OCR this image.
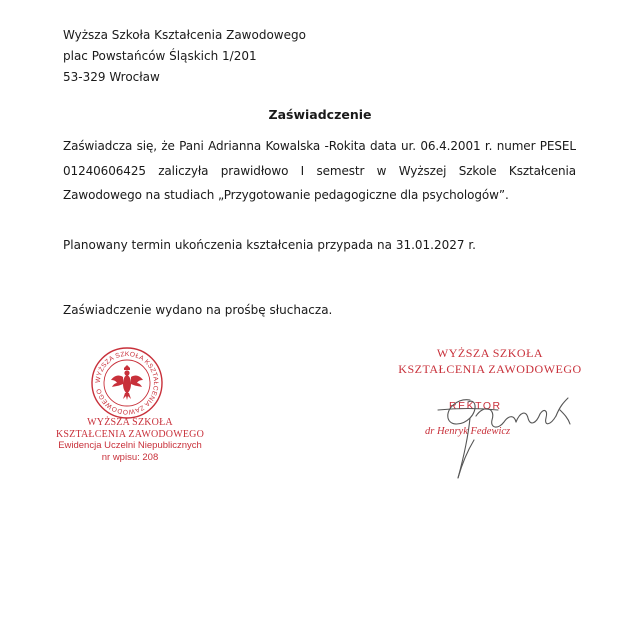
Wyższa Szkoła Kształcenia Zawodowego
plac Powstańców Śląskich 1/201
53-329 Wrocław
Zaświadczenie
Zaświadcza się, że Pani Adrianna Kowalska -Rokita data ur. 06.4.2001 r. numer PESEL 01240606425 zaliczyła prawidłowo I semestr w Wyższej Szkole Kształcenia Zawodowego na studiach „Przygotowanie pedagogiczne dla psychologów”.
Planowany termin ukończenia kształcenia przypada na 31.01.2027 r.
Zaświadczenie wydano na prośbę słuchacza.
WYŻSZA SZKOŁA KSZTAŁCENIA ZAWODOWEGO
WYŻSZA SZKOŁA
KSZTAŁCENIA ZAWODOWEGO
Ewidencja Uczelni Niepublicznych
nr wpisu: 208
WYŻSZA SZKOŁA
KSZTAŁCENIA ZAWODOWEGO
REKTOR
dr Henryk Fedewicz
